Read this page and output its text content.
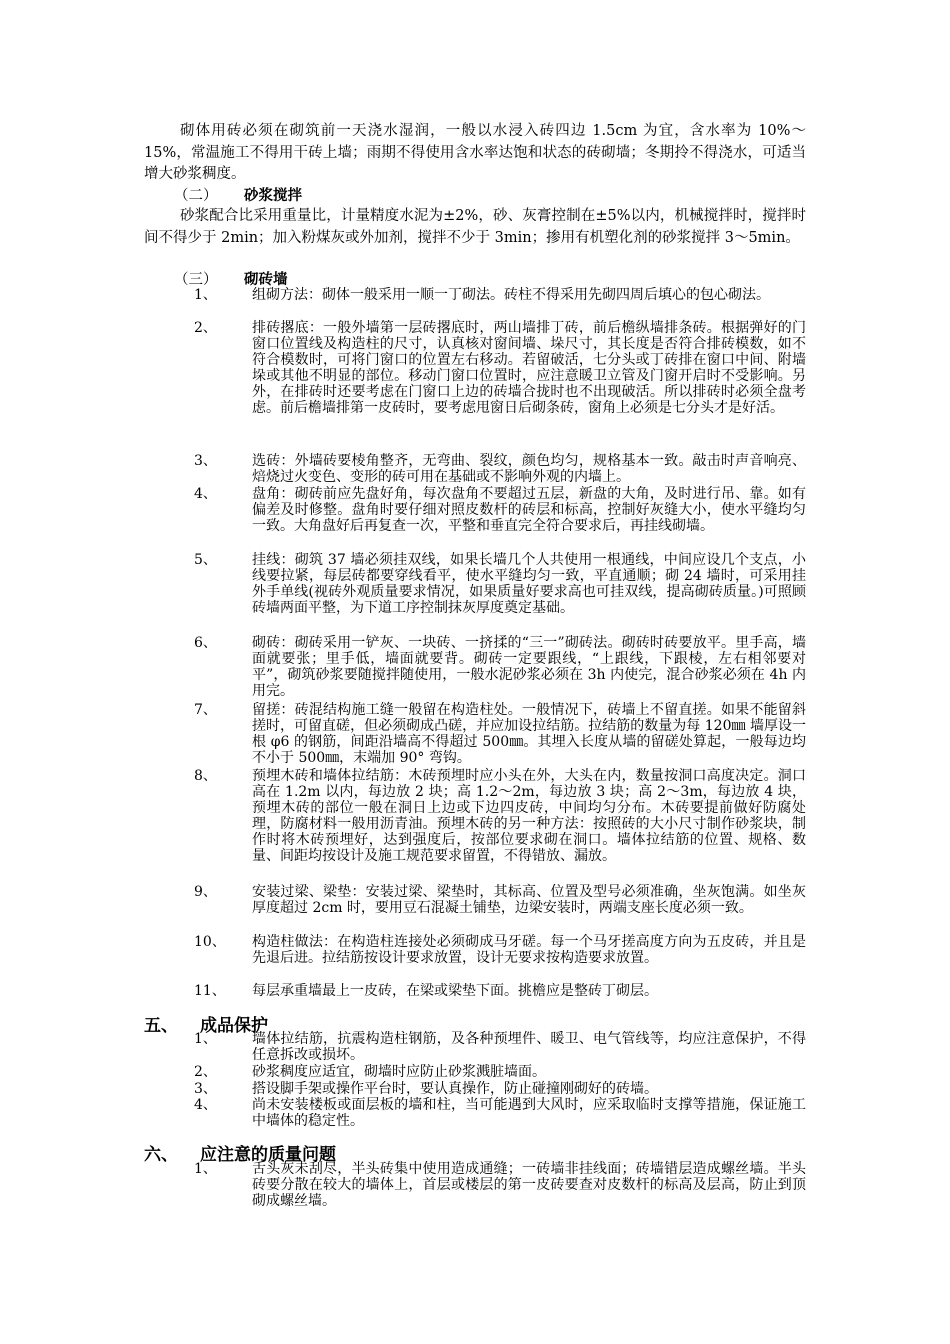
砌体用砖必须在砌筑前一天浇水湿润，一般以水浸入砖四边 1.5cm 为宜，含水率为 10%～15%，常温施工不得用干砖上墙；雨期不得使用含水率达饱和状态的砖砌墙；冬期拎不得浇水，可适当增大砂浆稠度。

（二） 砂浆搅拌

砂浆配合比采用重量比，计量精度水泥为±2%，砂、灰膏控制在±5%以内，机械搅拌时，搅拌时间不得少于 2min；加入粉煤灰或外加剂，搅拌不少于 3min；掺用有机塑化剂的砂浆搅拌 3～5min。

（三） 砌砖墙
1、	组砌方法：砌体一般采用一顺一丁砌法。砖柱不得采用先砌四周后填心的包心砌法。
2、	排砖撂底：一般外墙第一层砖撂底时，两山墙排丁砖，前后檐纵墙排条砖。根据弹好的门窗口位置线及构造柱的尺寸，认真核对窗间墙、垛尺寸，其长度是否符合排砖模数，如不符合模数时，可将门窗口的位置左右移动。若留破活，七分头或丁砖排在窗口中间、附墙垛或其他不明显的部位。移动门窗口位置时，应注意暖卫立管及门窗开启时不受影响。另外，在排砖时还要考虑在门窗口上边的砖墙合拢时也不出现破活。所以排砖时必须全盘考虑。前后檐墙排第一皮砖时，要考虑甩窗日后砌条砖，窗角上必须是七分头才是好活。
3、	选砖：外墙砖要棱角整齐，无弯曲、裂纹，颜色均匀，规格基本一致。敲击时声音响亮、焙烧过火变色、变形的砖可用在基础或不影响外观的内墙上。
4、	盘角：砌砖前应先盘好角，每次盘角不要超过五层，新盘的大角，及时进行吊、靠。如有偏差及时修整。盘角时要仔细对照皮数杆的砖层和标高，控制好灰缝大小，使水平缝均匀一致。大角盘好后再复查一次，平整和垂直完全符合要求后，再挂线砌墙。
5、	挂线：砌筑 37 墙必须挂双线，如果长墙几个人共使用一根通线，中间应设几个支点，小线要拉紧，每层砖都要穿线看平，使水平缝均匀一致，平直通顺；砌 24 墙时，可采用挂外手单线(视砖外观质量要求情况，如果质量好要求高也可挂双线，提高砌砖质量。)可照顾砖墙两面平整，为下道工序控制抹灰厚度奠定基础。
6、	砌砖：砌砖采用一铲灰、一块砖、一挤揉的“三一”砌砖法。砌砖时砖要放平。里手高，墙面就要张；里手低，墙面就要背。砌砖一定要跟线，“上跟线，下跟棱，左右相邻要对平”，砌筑砂浆要随搅拌随使用，一般水泥砂浆必须在 3h 内使完，混合砂浆必须在 4h 内用完。
7、	留搓：砖混结构施工缝一般留在构造柱处。一般情况下，砖墙上不留直搓。如果不能留斜搓时，可留直磋，但必须砌成凸磋，并应加设拉结筋。拉结筋的数量为每 120㎜ 墙厚设一根 φ6 的钢筋，间距沿墙高不得超过 500㎜。其埋入长度从墙的留磋处算起，一般每边均不小于 500㎜，末端加 90° 弯钩。
8、	预埋木砖和墙体拉结筋：木砖预埋时应小头在外，大头在内，数量按洞口高度决定。洞口高在 1.2m 以内，每边放 2 块；高 1.2～2m，每边放 3 块；高 2～3m，每边放 4 块，预埋木砖的部位一般在洞日上边或下边四皮砖，中间均匀分布。木砖要提前做好防腐处理，防腐材料一般用沥青油。预埋木砖的另一种方法：按照砖的大小尺寸制作砂浆块，制作时将木砖预埋好，达到强度后，按部位要求砌在洞口。墙体拉结筋的位置、规格、数量、间距均按设计及施工规范要求留置，不得错放、漏放。
9、	安装过梁、梁垫：安装过梁、梁垫时，其标高、位置及型号必须准确，坐灰饱满。如坐灰厚度超过 2cm 时，要用豆石混凝土铺垫，边梁安装时，两端支座长度必须一致。
10、	构造柱做法：在构造柱连接处必须砌成马牙磋。每一个马牙搓高度方向为五皮砖，并且是先退后进。拉结筋按设计要求放置，设计无要求按构造要求放置。
11、	每层承重墙最上一皮砖，在梁或梁垫下面。挑檐应是整砖丁砌层。
五、 成品保护
1、	墙体拉结筋，抗震构造柱钢筋，及各种预埋件、暖卫、电气管线等，均应注意保护，不得任意拆改或损坏。
2、	砂浆稠度应适宜，砌墙时应防止砂浆溅脏墙面。
3、	搭设脚手架或操作平台时，要认真操作，防止碰撞刚砌好的砖墙。
4、	尚未安装楼板或面层板的墙和柱，当可能遇到大风时，应采取临时支撑等措施，保证施工中墙体的稳定性。
六、 应注意的质量问题
1、	舌头灰未刮尽，半头砖集中使用造成通缝；一砖墙非挂线面；砖墙错层造成螺丝墙。半头砖要分散在较大的墙体上，首层或楼层的第一皮砖要查对皮数杆的标高及层高，防止到顶砌成螺丝墙。
